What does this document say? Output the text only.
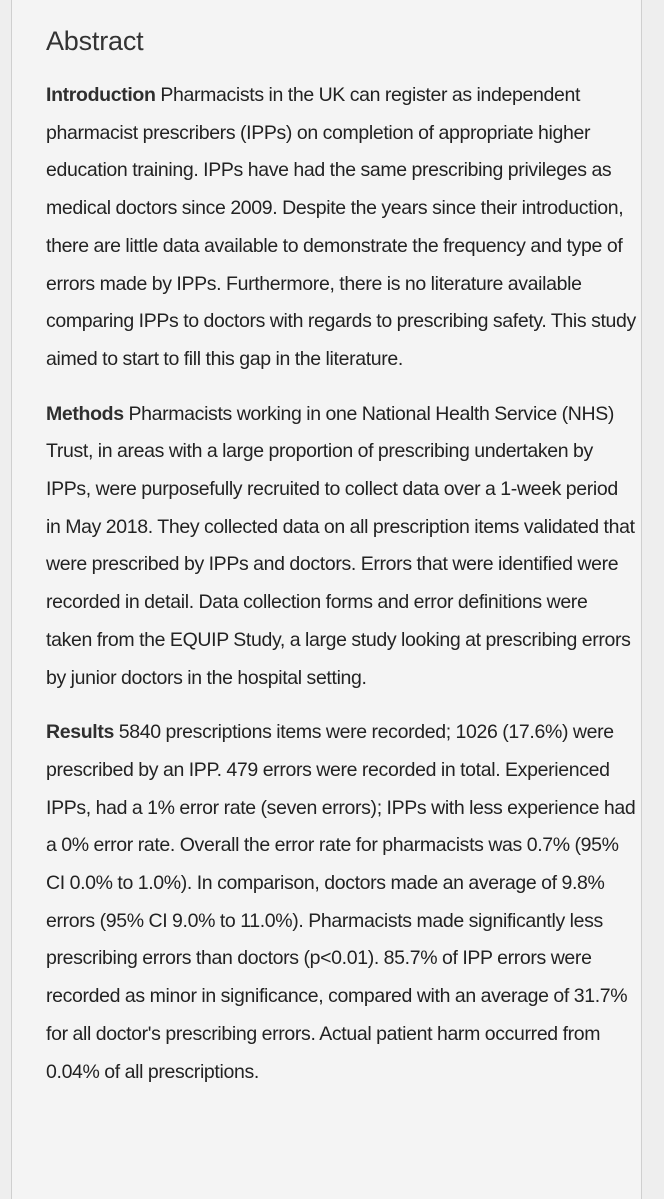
Abstract

Introduction Pharmacists in the UK can register as independent pharmacist prescribers (IPPs) on completion of appropriate higher education training. IPPs have had the same prescribing privileges as medical doctors since 2009. Despite the years since their introduction, there are little data available to demonstrate the frequency and type of errors made by IPPs. Furthermore, there is no literature available comparing IPPs to doctors with regards to prescribing safety. This study aimed to start to fill this gap in the literature.

Methods Pharmacists working in one National Health Service (NHS) Trust, in areas with a large proportion of prescribing undertaken by IPPs, were purposefully recruited to collect data over a 1-week period in May 2018. They collected data on all prescription items validated that were prescribed by IPPs and doctors. Errors that were identified were recorded in detail. Data collection forms and error definitions were taken from the EQUIP Study, a large study looking at prescribing errors by junior doctors in the hospital setting.

Results 5840 prescriptions items were recorded; 1026 (17.6%) were prescribed by an IPP. 479 errors were recorded in total. Experienced IPPs, had a 1% error rate (seven errors); IPPs with less experience had a 0% error rate. Overall the error rate for pharmacists was 0.7% (95% CI 0.0% to 1.0%). In comparison, doctors made an average of 9.8% errors (95% CI 9.0% to 11.0%). Pharmacists made significantly less prescribing errors than doctors (p<0.01). 85.7% of IPP errors were recorded as minor in significance, compared with an average of 31.7% for all doctor's prescribing errors. Actual patient harm occurred from 0.04% of all prescriptions.
